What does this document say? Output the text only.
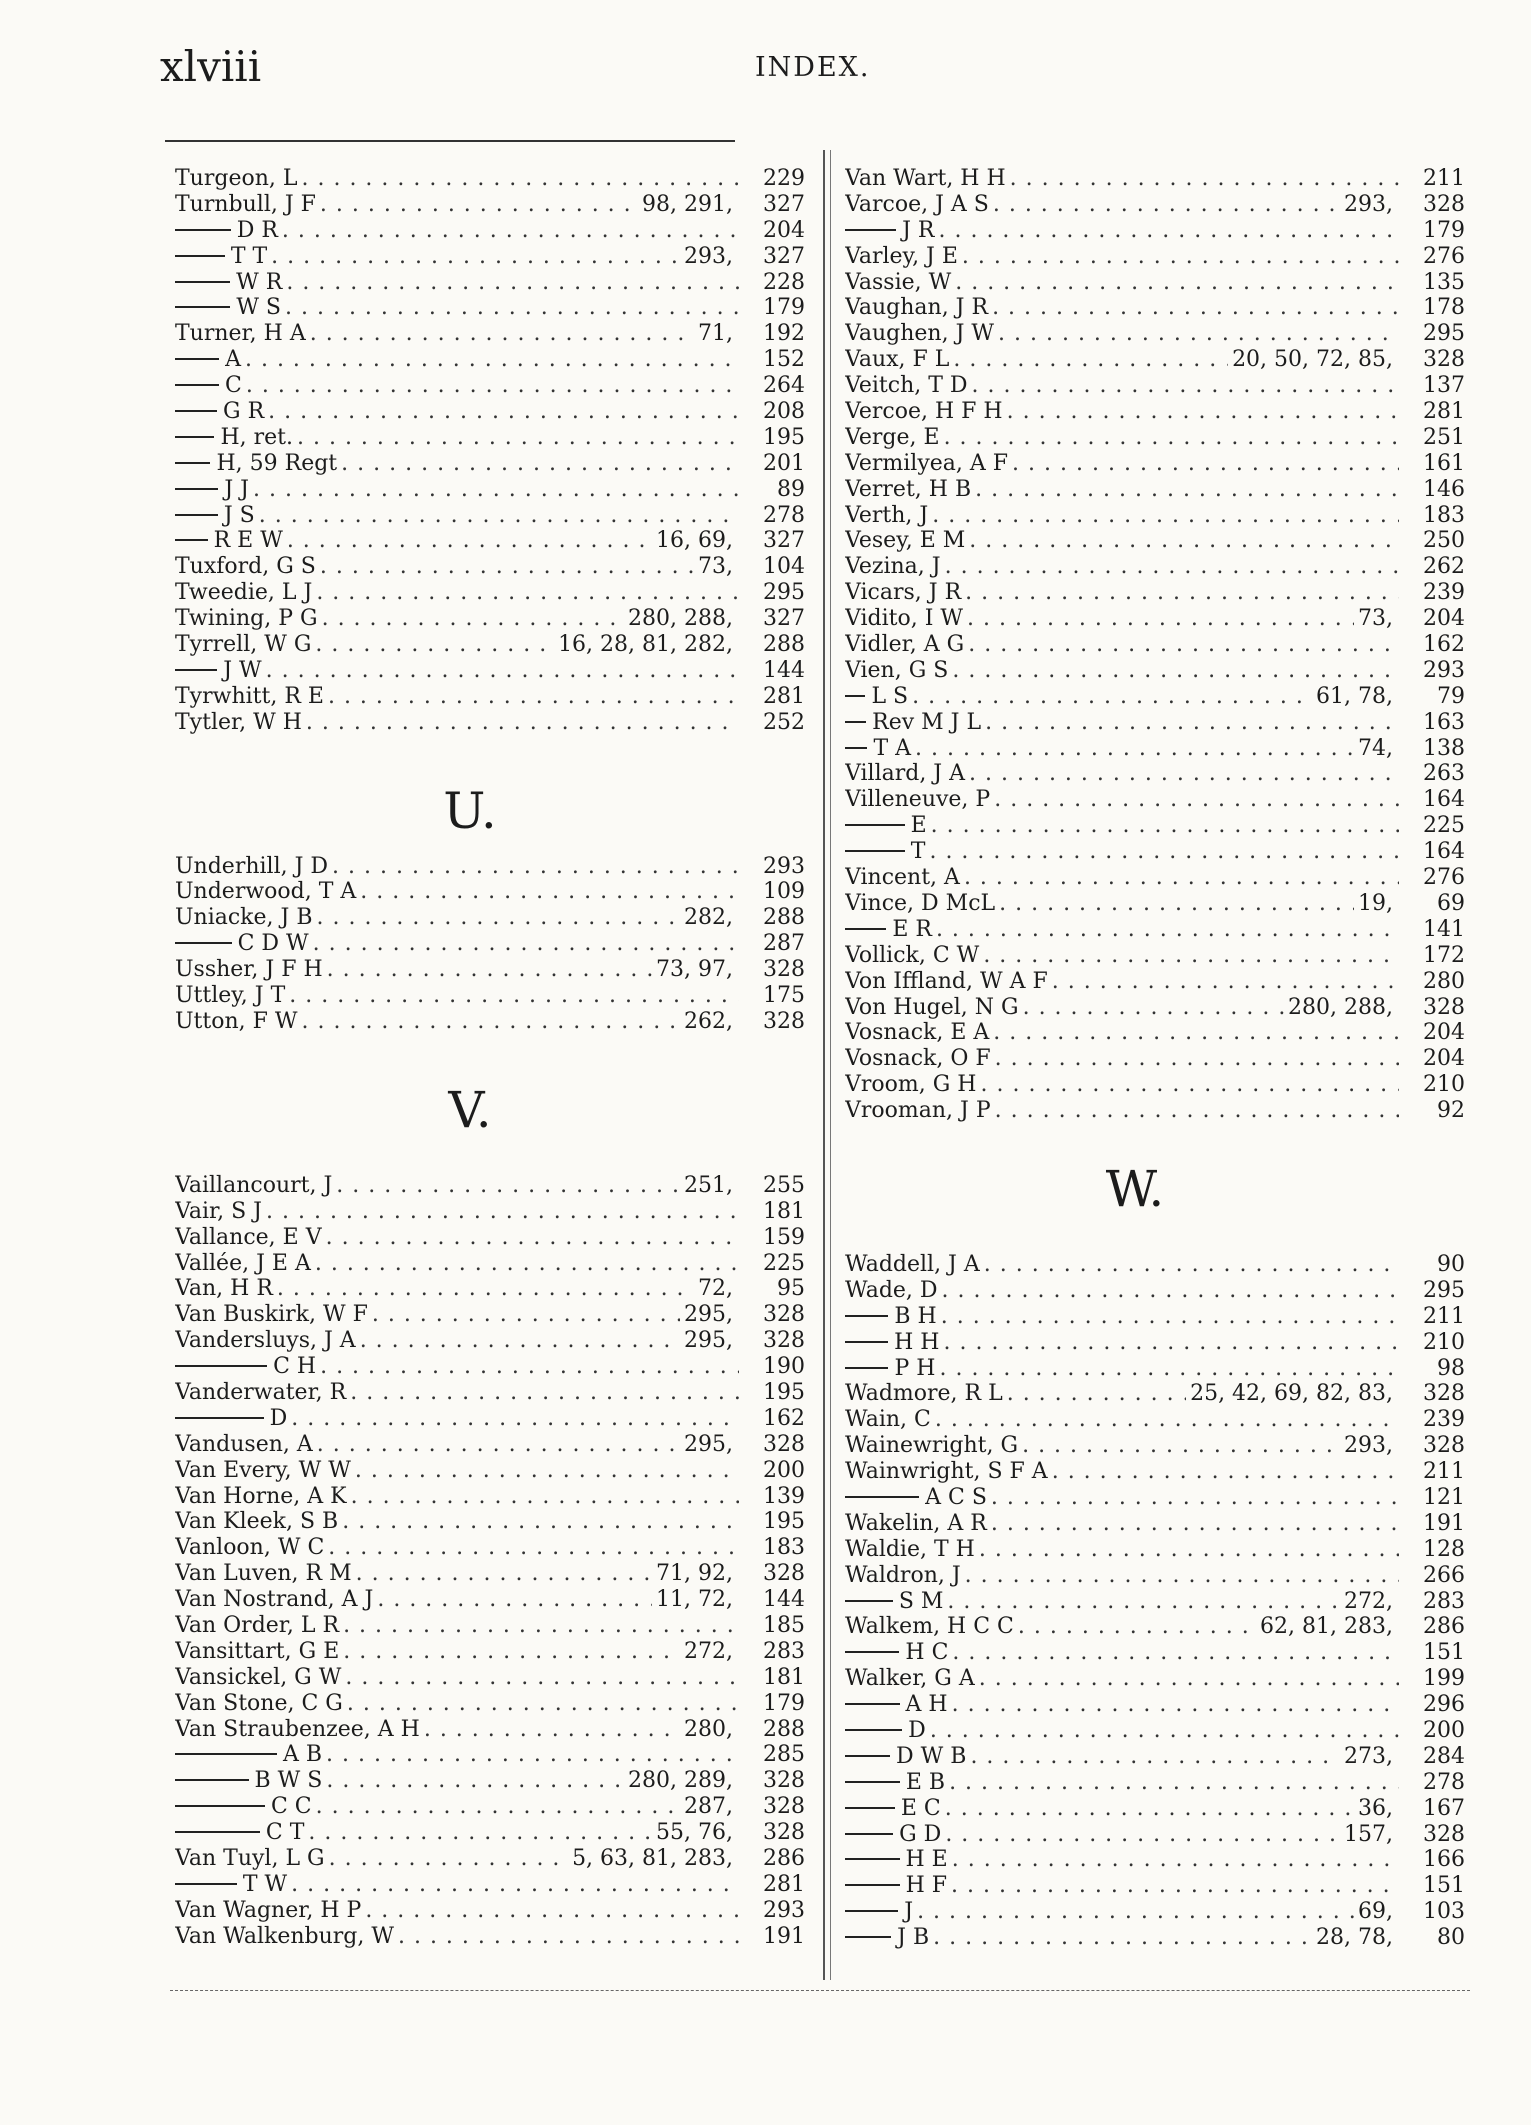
xlviii	INDEX.
Turgeon, L . . .	229
Turnbull, J F . . .	98, 291,	327
D R . . .	204
T T . . .	293,	327
W R . . .	228
W S . . .	179
Turner, H A . . .	71,	192
A . . .	152
C . . .	264
G R . . .	208
H, ret. . . .	195
H, 59 Regt . . .	201
J J . . .	89
J S . . .	278
R E W . . .	16, 69,	327
Tuxford, G S . . .	73,	104
Tweedie, L J . . .	295
Twining, P G . . .	280, 288,	327
Tyrrell, W G . . .	16, 28, 81, 282,	288
J W . . .	144
Tyrwhitt, R E . . .	281
Tytler, W H . . .	252
U.
Underhill, J D . . .	293
Underwood, T A . . .	109
Uniacke, J B . . .	282,	288
C D W . . .	287
Ussher, J F H . . .	73, 97,	328
Uttley, J T . . .	175
Utton, F W . . .	262,	328
V.
Vaillancourt, J . . .	251,	255
Vair, S J . . .	181
Vallance, E V . . .	159
Vallée, J E A . . .	225
Van, H R . . .	72,	95
Van Buskirk, W F . . .	295,	328
Vandersluys, J A . . .	295,	328
C H . . .	190
Vanderwater, R . . .	195
D . . .	162
Vandusen, A . . .	295,	328
Van Every, W W . . .	200
Van Horne, A K . . .	139
Van Kleek, S B . . .	195
Vanloon, W C . . .	183
Van Luven, R M . . .	71, 92,	328
Van Nostrand, A J . . .	11, 72,	144
Van Order, L R . . .	185
Vansittart, G E . . .	272,	283
Vansickel, G W . . .	181
Van Stone, C G . . .	179
Van Straubenzee, A H . . .	280,	288
A B . . .	285
B W S . . .	280, 289,	328
C C . . .	287,	328
C T . . .	55, 76,	328
Van Tuyl, L G . . .	5, 63, 81, 283,	286
T W . . .	281
Van Wagner, H P . . .	293
Van Walkenburg, W . . .	191
Van Wart, H H . . .	211
Varcoe, J A S . . .	293,	328
J R . . .	179
Varley, J E . . .	276
Vassie, W . . .	135
Vaughan, J R . . .	178
Vaughen, J W . . .	295
Vaux, F L . . .	20, 50, 72, 85,	328
Veitch, T D . . .	137
Vercoe, H F H . . .	281
Verge, E . . .	251
Vermilyea, A F . . .	161
Verret, H B . . .	146
Verth, J . . .	183
Vesey, E M . . .	250
Vezina, J . . .	262
Vicars, J R . . .	239
Vidito, I W . . .	73,	204
Vidler, A G . . .	162
Vien, G S . . .	293
L S . . .	61, 78,	79
Rev M J L . . .	163
T A . . .	74,	138
Villard, J A . . .	263
Villeneuve, P . . .	164
E . . .	225
T . . .	164
Vincent, A . . .	276
Vince, D McL . . .	19,	69
E R . . .	141
Vollick, C W . . .	172
Von Iffland, W A F . . .	280
Von Hugel, N G . . .	280, 288,	328
Vosnack, E A . . .	204
Vosnack, O F . . .	204
Vroom, G H . . .	210
Vrooman, J P . . .	92
W.
Waddell, J A . . .	90
Wade, D . . .	295
B H . . .	211
H H . . .	210
P H . . .	98
Wadmore, R L . . .	25, 42, 69, 82, 83,	328
Wain, C . . .	239
Wainewright, G . . .	293,	328
Wainwright, S F A . . .	211
A C S . . .	121
Wakelin, A R . . .	191
Waldie, T H . . .	128
Waldron, J . . .	266
S M . . .	272,	283
Walkem, H C C . . .	62, 81, 283,	286
H C . . .	151
Walker, G A . . .	199
A H . . .	296
D . . .	200
D W B . . .	273,	284
E B . . .	278
E C . . .	36,	167
G D . . .	157,	328
H E . . .	166
H F . . .	151
J . . .	69,	103
J B . . .	28, 78,	80
